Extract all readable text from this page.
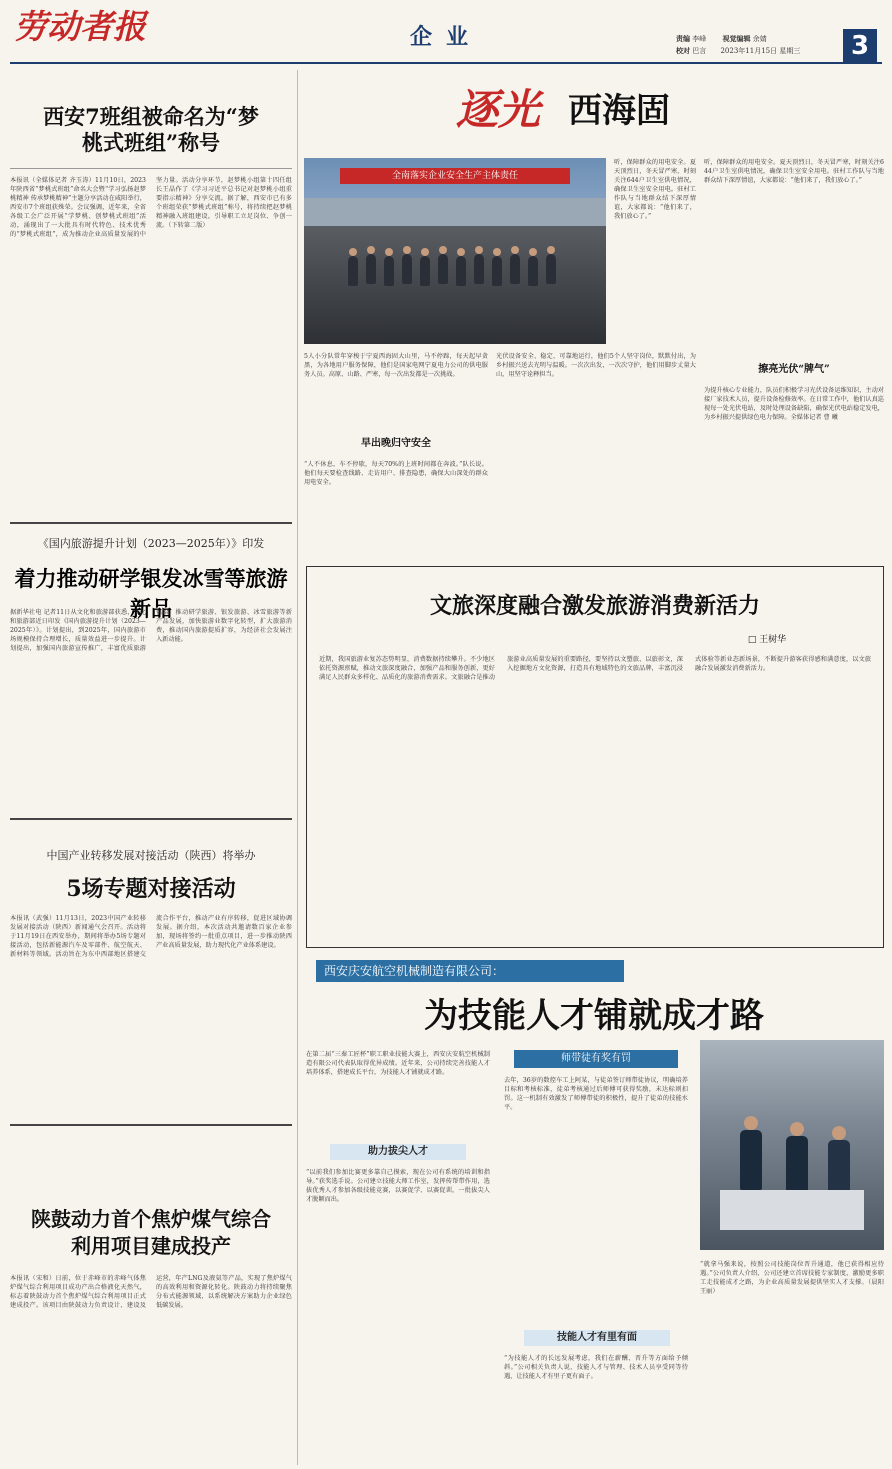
劳动者报	企业	责编 李峰 视觉编辑 余婧
校对 巴言 2023年11月15日 星期三	3
西安7班组被命名为“梦桃式班组”称号
本报讯（全媒体记者 齐玉涛）11月10日，2023年陕西省“梦桃式班组”命名大会暨“学习弘扬赵梦桃精神 传承梦桃精神”主题分享活动在咸阳举行，西安市7个班组获殊荣。会议强调，近年来，全省各级工会广泛开展“学梦桃、创梦桃式班组”活动，涌现出了一大批具有时代特色、技术优秀的“梦桃式班组”，成为推动企业高质量发展的中坚力量。活动分享环节，赵梦桃小组第十四任组长王晶作了《学习习近平总书记对赵梦桃小组重要指示精神》分享交流。据了解，西安市已有多个班组荣获“梦桃式班组”称号，将持续把赵梦桃精神融入班组建设，引导职工立足岗位、争创一流。（下转第二版）
《国内旅游提升计划（2023—2025年）》印发
着力推动研学银发冰雪等旅游新品
据新华社电 记者11日从文化和旅游部获悉，文化和旅游部近日印发《国内旅游提升计划（2023—2025年）》。计划提出，到2025年，国内旅游市场规模保持合理增长，质量效益进一步提升。计划提出，加强国内旅游宣传推广，丰富优质旅游供给，推动研学旅游、银发旅游、冰雪旅游等新产品发展，加快旅游业数字化转型，扩大旅游消费，推动国内旅游提质扩容，为经济社会发展注入新动能。
中国产业转移发展对接活动（陕西）将举办
5场专题对接活动
本报讯（武强）11月13日，2023中国产业转移发展对接活动（陕西）新闻通气会召开。活动将于11月19日在西安举办，期间将举办5场专题对接活动，包括新能源汽车及零部件、航空航天、新材料等领域。活动旨在为东中西部地区搭建交流合作平台，推动产业有序转移，促进区域协调发展。据介绍，本次活动共邀请数百家企业参加，现场将签约一批重点项目，进一步推动陕西产业高质量发展，助力现代化产业体系建设。
陕鼓动力首个焦炉煤气综合利用项目建成投产
本报讯（宋和）日前，位于赤峰市的赤峰气体焦炉煤气综合利用项目成功产出合格液化天然气，标志着陕鼓动力首个焦炉煤气综合利用项目正式建成投产。该项目由陕鼓动力负责设计、建设及运营，年产LNG及液氨等产品，实现了焦炉煤气的高效利用和资源化转化。陕鼓动力将持续聚焦分布式能源领域，以系统解决方案助力企业绿色低碳发展。
逐光 西海固
全南落实企业安全生产主体责任
5人小分队常年穿梭于宁夏西海固大山里，马不停蹄，每天起早贪黑，为各地用户服务保障，他们是国家电网宁夏电力公司的供电服务人员。高原、山路、严寒，每一次出发都是一次挑战。
早出晚归守安全
“人不休息，车不停歇，每天70%的上班时间都在奔波。”队长说。他们每天要检查线路、走访用户、排查隐患，确保大山深处的群众用电安全。
光伏设备安全、稳定、可靠地运行，他们5个人坚守岗位，默默付出，为乡村振兴送去光明与温暖。一次次出发，一次次守护，他们用脚步丈量大山，用坚守诠释担当。
听，保障群众的用电安全。夏天顶烈日，冬天冒严寒，时刻关注644户卫生室供电情况，确保卫生室安全用电。驻村工作队与当地群众结下深厚情谊，大家都说：“他们来了，我们放心了。”
听，保障群众的用电安全。夏天顶烈日，冬天冒严寒，时刻关注644户卫生室供电情况，确保卫生室安全用电。驻村工作队与当地群众结下深厚情谊，大家都说：“他们来了，我们放心了。”
擦亮光伏“牌气”
为提升核心专业能力，队员们积极学习光伏设备运维知识，主动对接厂家技术人员，提升设备检修效率。在日常工作中，他们认真巡视每一处光伏电站，及时处理设备缺陷，确保光伏电站稳定发电，为乡村振兴提供绿色电力保障。全媒体记者 曹 曦
文旅深度融合激发旅游消费新活力
□ 王树华
近期，我国旅游业复苏态势明显，消费数据持续攀升。不少地区依托资源禀赋，推动文旅深度融合，加强产品和服务创新，更好满足人民群众多样化、品质化的旅游消费需求。文旅融合是推动旅游业高质量发展的重要路径，要坚持以文塑旅、以旅彰文，深入挖掘地方文化资源，打造具有地域特色的文旅品牌，丰富沉浸式体验等新业态新场景，不断提升游客获得感和满意度，以文旅融合发展激发消费新活力。
西安庆安航空机械制造有限公司：
为技能人才铺就成才路
在第二届“三秦工匠杯”职工职业技能大赛上，西安庆安航空机械制造有限公司代表队取得优异成绩。近年来，公司持续完善技能人才培养体系，搭建成长平台，为技能人才铺就成才路。
助力拔尖人才
“以前我们参加比赛更多靠自己摸索，现在公司有系统的培训和指导。”获奖选手说。公司建立技能大师工作室，发挥传帮带作用，选拔优秀人才参加各级技能竞赛，以赛促学、以赛促训，一批拔尖人才脱颖而出。
师带徒有奖有罚
去年，36岁的数控车工上阿某，与徒弟签订师带徒协议，明确培养目标和考核标准，徒弟考核通过后师傅可获得奖励，未达标则扣罚。这一机制有效激发了师傅带徒的积极性，提升了徒弟的技能水平。
技能人才有里有面
“为技能人才的长远发展考虑，我们在薪酬、晋升等方面给予倾斜。”公司相关负责人说，技能人才与管理、技术人员享受同等待遇，让技能人才有里子更有面子。
“就拿马强来说，按照公司技能岗位晋升通道，他已获得相应待遇。”公司负责人介绍，公司还建立首席技能专家制度，激励更多职工走技能成才之路，为企业高质量发展提供坚实人才支撑。（晨阳 王丽）
